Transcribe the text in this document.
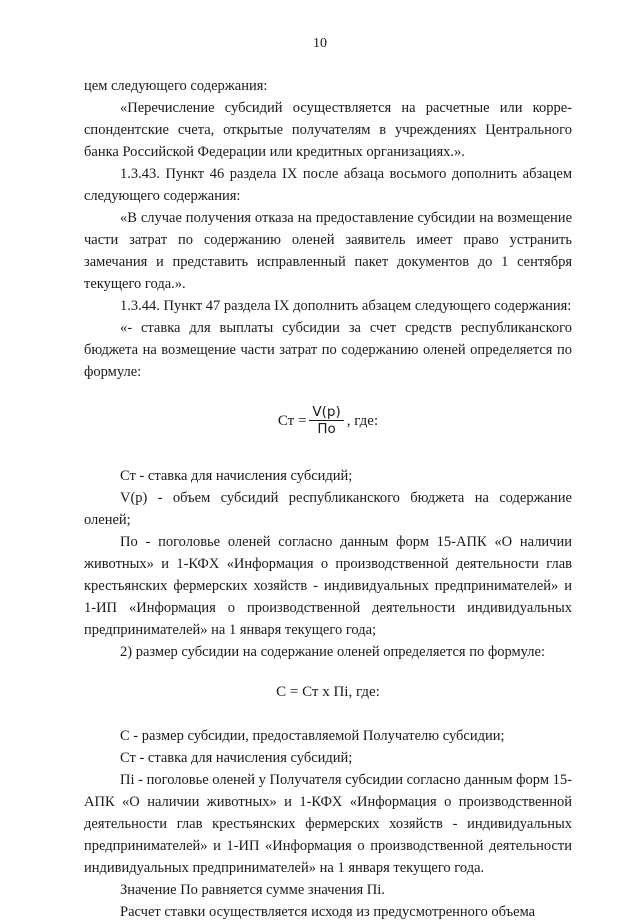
10

цем следующего содержания:

«Перечисление субсидий осуществляется на расчетные или корреспондентские счета, открытые получателям в учреждениях Центрального банка Российской Федерации или кредитных организациях.».

1.3.43. Пункт 46 раздела IX после абзаца восьмого дополнить абзацем следующего содержания:

«В случае получения отказа на предоставление субсидии на возмещение части затрат по содержанию оленей заявитель имеет право устранить замечания и представить исправленный пакет документов до 1 сентября текущего года.».

1.3.44. Пункт 47 раздела IX дополнить абзацем следующего содержания:

«- ставка для выплаты субсидии за счет средств республиканского бюджета на возмещение части затрат по содержанию оленей определяется по формуле:

Ст = $\frac{V(р)}{По}$ , где:

Ст - ставка для начисления субсидий;

V(р) - объем субсидий республиканского бюджета на содержание оленей;

По - поголовье оленей согласно данным форм 15-АПК «О наличии животных» и 1-КФХ «Информация о производственной деятельности глав крестьянских фермерских хозяйств - индивидуальных предпринимателей» и 1-ИП «Информация о производственной деятельности индивидуальных предпринимателей» на 1 января текущего года;

2) размер субсидии на содержание оленей определяется по формуле:

С = Ст х Пi, где:

С - размер субсидии, предоставляемой Получателю субсидии;

Ст - ставка для начисления субсидий;

Пi - поголовье оленей у Получателя субсидии согласно данным форм 15-АПК «О наличии животных» и 1-КФХ «Информация о производственной деятельности глав крестьянских фермерских хозяйств - индивидуальных предпринимателей» и 1-ИП «Информация о производственной деятельности индивидуальных предпринимателей» на 1 января текущего года.

Значение По равняется сумме значения Пi.

Расчет ставки осуществляется исходя из предусмотренного объема
